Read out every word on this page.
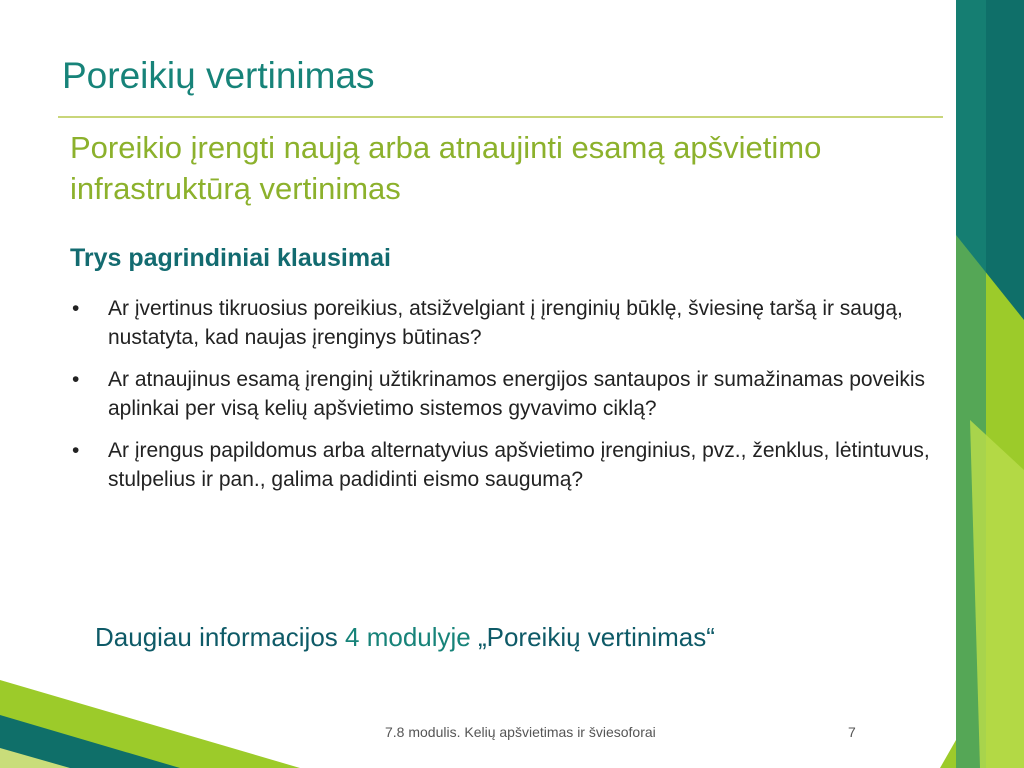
Poreikių vertinimas
Poreikio įrengti naują arba atnaujinti esamą apšvietimo infrastruktūrą vertinimas
Trys pagrindiniai klausimai
• Ar įvertinus tikruosius poreikius, atsižvelgiant į įrenginių būklę, šviesinę taršą ir saugą, nustatyta, kad naujas įrenginys būtinas?
• Ar atnaujinus esamą įrenginį užtikrinamos energijos santaupos ir sumažinamas poveikis aplinkai per visą kelių apšvietimo sistemos gyvavimo ciklą?
• Ar įrengus papildomus arba alternatyvius apšvietimo įrenginius, pvz., ženklus, lėtintuvus, stulpelius ir pan., galima padidinti eismo saugumą?
Daugiau informacijos 4 modulyje „Poreikių vertinimas“
7.8 modulis. Kelių apšvietimas ir šviesoforai	7
